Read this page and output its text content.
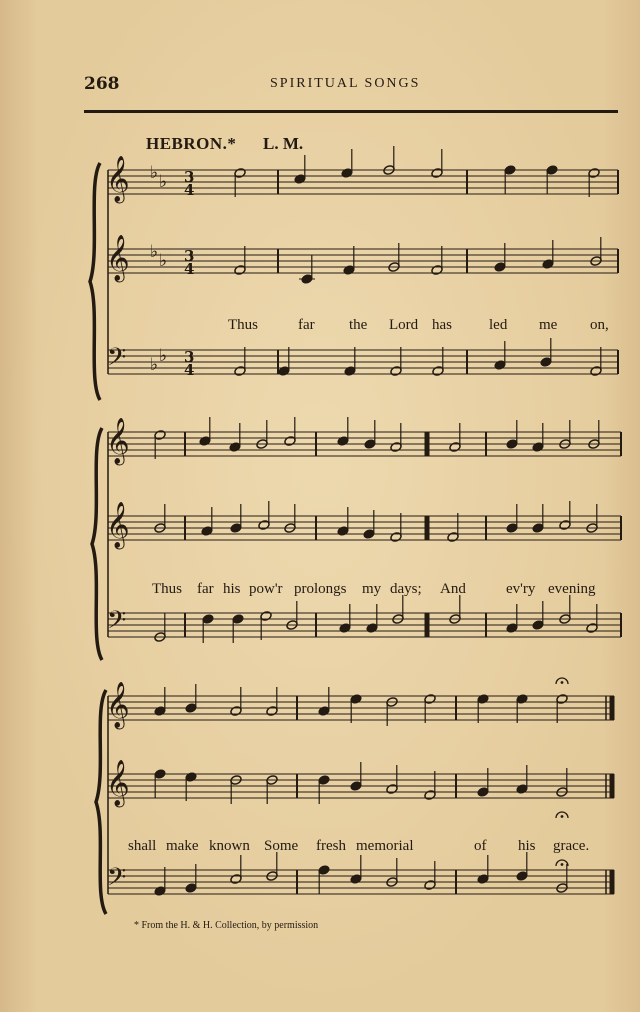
268	SPIRITUAL SONGS
HEBRON.* L. M.
𝄞 ♭ ♭ 3
4
𝄞 ♭ ♭ 3
4
𝄢 ♭ ♭ 3
4
𝄞
𝄞
𝄢
𝄞
𝄞
𝄢
Thus	far the Lord has led me on,
Thus far his pow'r prolongs my days; And	ev'ry evening
shall make known Some fresh memorial	of his grace.
* From the H. & H. Collection, by permission
